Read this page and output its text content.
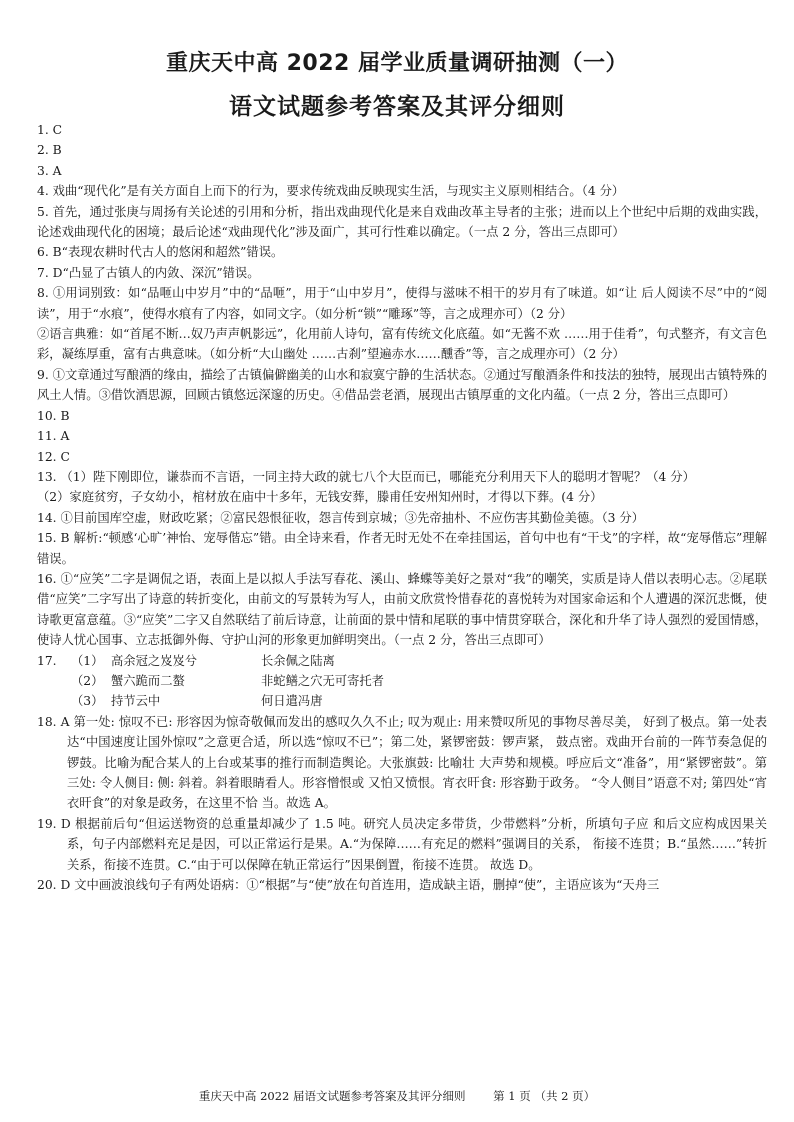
重庆天中高 2022 届学业质量调研抽测（一）
语文试题参考答案及其评分细则

1. C

2. B

3. A

4. 戏曲“现代化”是有关方面自上而下的行为，要求传统戏曲反映现实生活，与现实主义原则相结合。（4 分）

5. 首先，通过张庚与周扬有关论述的引用和分析，指出戏曲现代化是来自戏曲改革主导者的主张；进而以上个世纪中后期的戏曲实践，论述戏曲现代化的困境；最后论述“戏曲现代化”涉及面广，其可行性难以确定。（一点 2 分，答出三点即可）

6. B“表现农耕时代古人的悠闲和超然”错误。

7. D“凸显了古镇人的内敛、深沉”错误。

8. ①用词别致：如“品咂山中岁月”中的“品咂”，用于“山中岁月”，使得与滋味不相干的岁月有了味道。如“让 后人阅读不尽”中的“阅读”，用于“水痕”，使得水痕有了内容，如同文字。（如分析“锁”“雕琢”等，言之成理亦可）（2 分）

②语言典雅：如“首尾不断…奴乃声声帆影远”，化用前人诗句，富有传统文化底蕴。如“无酱不欢 ……用于佳肴”，句式整齐，有文言色彩，凝练厚重，富有古典意味。（如分析“大山幽处 ……古刹”望遍赤水……醺香”等，言之成理亦可）（2 分）

9. ①文章通过写酿酒的缘由，描绘了古镇偏僻幽美的山水和寂寞宁静的生活状态。②通过写酿酒条件和技法的独特，展现出古镇特殊的风土人情。③借饮酒思源，回顾古镇悠远深邃的历史。④借品尝老酒，展现出古镇厚重的文化内蕴。（一点 2 分，答出三点即可）

10. B

11. A

12. C

13. （1）陛下刚即位，谦恭而不言语，一同主持大政的就七八个大臣而已，哪能充分利用天下人的聪明才智呢？（4 分）

（2）家庭贫穷，子女幼小，棺材放在庙中十多年，无钱安葬，滕甫任安州知州时，才得以下葬。(4 分）

14. ①目前国库空虚，财政吃紧；②富民怨恨征收，怨言传到京城；③先帝抽朴、不应伤害其勤俭美德。（3 分）

15. B 解析:“顿感‘心旷’神怡、宠辱偕忘”错。由全诗来看，作者无时无处不在牵挂国运，首句中也有“干戈”的字样，故“宠辱偕忘”理解错误。

16. ①“应笑”二字是调侃之语，表面上是以拟人手法写春花、溪山、蜂蝶等美好之景对“我”的嘲笑，实质是诗人借以表明心志。②尾联借“应笑”二字写出了诗意的转折变化，由前文的写景转为写人，由前文欣赏怜惜春花的喜悦转为对国家命运和个人遭遇的深沉悲慨，使诗歌更富意蕴。③“应笑”二字又自然联结了前后诗意，让前面的景中情和尾联的事中情贯穿联合，深化和升华了诗人强烈的爱国情感，使诗人忧心国事、立志抵御外侮、守护山河的形象更加鲜明突出。（一点 2 分，答出三点即可）

17.	（1） 高余冠之岌岌兮	长余佩之陆离
（2） 蟹六跪而二螯	非蛇鳝之穴无可寄托者
（3） 持节云中	何日遣冯唐

18. A 第一处: 惊叹不已: 形容因为惊奇敬佩而发出的感叹久久不止; 叹为观止: 用来赞叹所见的事物尽善尽美， 好到了极点。第一处表达“中国速度让国外惊叹”之意更合适，所以选“惊叹不已”；第二处，紧锣密鼓：锣声紧， 鼓点密。戏曲开台前的一阵节奏急促的锣鼓。比喻为配合某人的上台或某事的推行而制造舆论。大张旗鼓: 比喻壮 大声势和规模。呼应后文“准备”，用“紧锣密鼓”。第三处: 令人侧目: 侧: 斜着。斜着眼睛看人。形容憎恨或 又怕又愤恨。宵衣旰食: 形容勤于政务。 “令人侧目”语意不对; 第四处“宵衣旰食”的对象是政务，在这里不恰 当。故选 A。

19. D 根据前后句“但运送物资的总重量却减少了 1.5 吨。研究人员决定多带货，少带燃料”分析，所填句子应 和后文应构成因果关系，句子内部燃料充足是因，可以正常运行是果。A.“为保障……有充足的燃料”强调目的关系， 衔接不连贯；B.“虽然……”转折关系，衔接不连贯。C.“由于可以保障在轨正常运行”因果倒置，衔接不连贯。 故选 D。

20. D 文中画波浪线句子有两处语病：①“根据”与“使”放在句首连用，造成缺主语，删掉“使”，主语应该为“天舟三

重庆天中高 2022 届语文试题参考答案及其评分细则 第 1 页 （共 2 页）
